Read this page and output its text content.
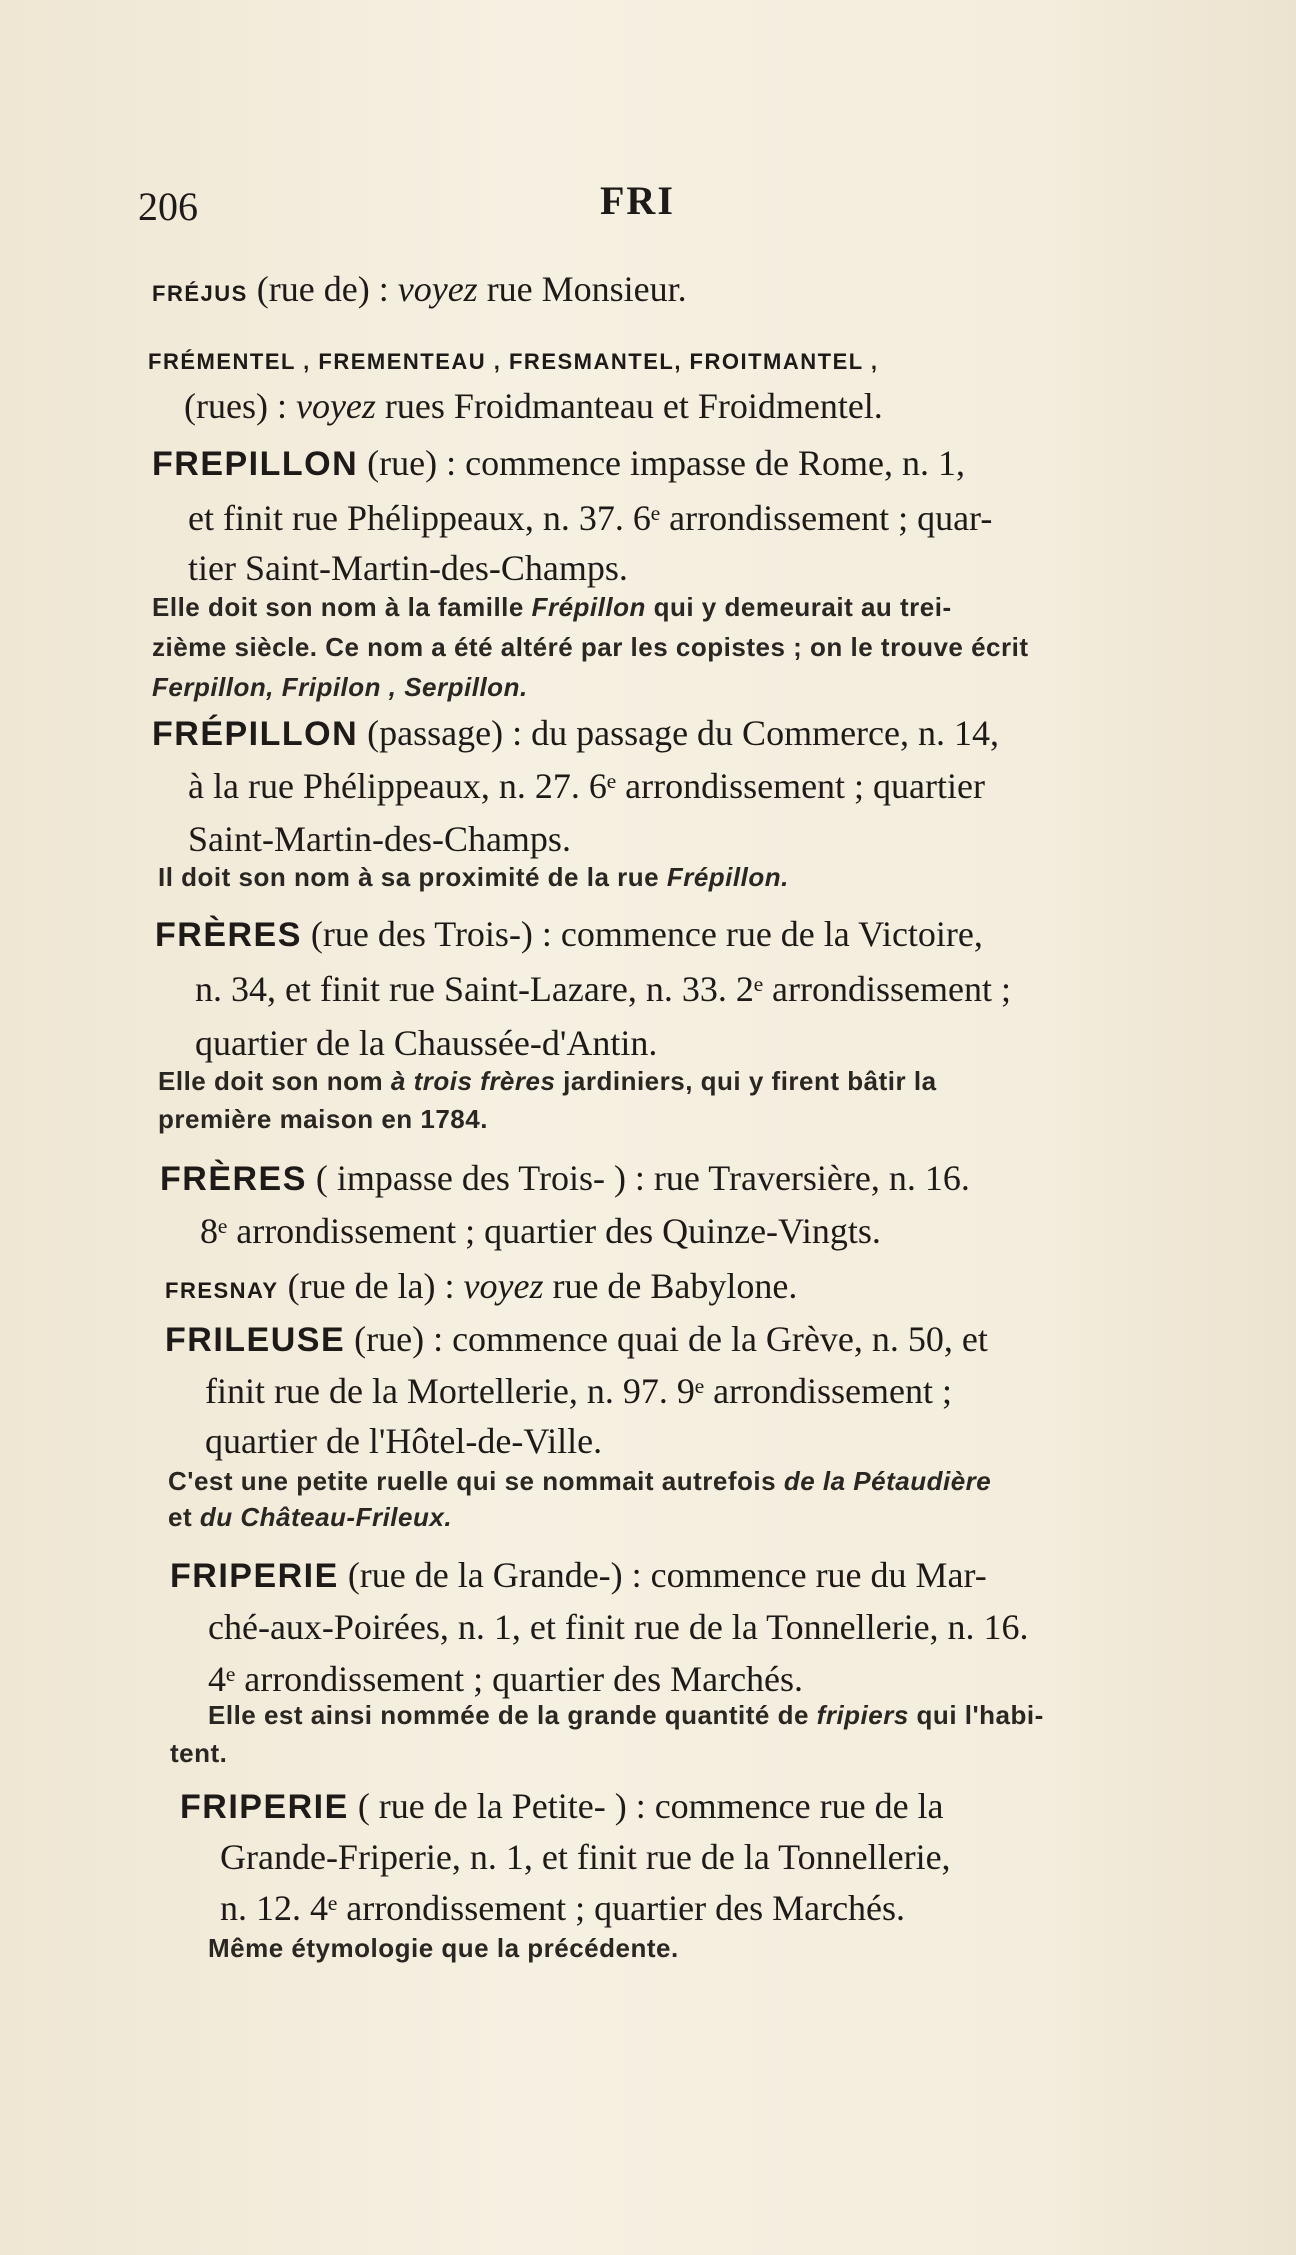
206	FRI
FRÉJUS (rue de) : voyez rue Monsieur.
FRÉMENTEL , FREMENTEAU , FRESMANTEL, FROITMANTEL ,
(rues) : voyez rues Froidmanteau et Froidmentel.
FREPILLON (rue) : commence impasse de Rome, n. 1,
et finit rue Phélippeaux, n. 37. 6ᵉ arrondissement ; quar-
tier Saint-Martin-des-Champs.
Elle doit son nom à la famille Frépillon qui y demeurait au trei-
zième siècle. Ce nom a été altéré par les copistes ; on le trouve écrit
Ferpillon, Fripilon , Serpillon.
FRÉPILLON (passage) : du passage du Commerce, n. 14,
à la rue Phélippeaux, n. 27. 6ᵉ arrondissement ; quartier
Saint-Martin-des-Champs.
Il doit son nom à sa proximité de la rue Frépillon.
FRÈRES (rue des Trois-) : commence rue de la Victoire,
n. 34, et finit rue Saint-Lazare, n. 33. 2ᵉ arrondissement ;
quartier de la Chaussée-d'Antin.
Elle doit son nom à trois frères jardiniers, qui y firent bâtir la
première maison en 1784.
FRÈRES ( impasse des Trois- ) : rue Traversière, n. 16.
8ᵉ arrondissement ; quartier des Quinze-Vingts.
FRESNAY (rue de la) : voyez rue de Babylone.
FRILEUSE (rue) : commence quai de la Grève, n. 50, et
finit rue de la Mortellerie, n. 97. 9ᵉ arrondissement ;
quartier de l'Hôtel-de-Ville.
C'est une petite ruelle qui se nommait autrefois de la Pétaudière
et du Château-Frileux.
FRIPERIE (rue de la Grande-) : commence rue du Mar-
ché-aux-Poirées, n. 1, et finit rue de la Tonnellerie, n. 16.
4ᵉ arrondissement ; quartier des Marchés.
Elle est ainsi nommée de la grande quantité de fripiers qui l'habi-
tent.
FRIPERIE ( rue de la Petite- ) : commence rue de la
Grande-Friperie, n. 1, et finit rue de la Tonnellerie,
n. 12. 4ᵉ arrondissement ; quartier des Marchés.
Même étymologie que la précédente.
